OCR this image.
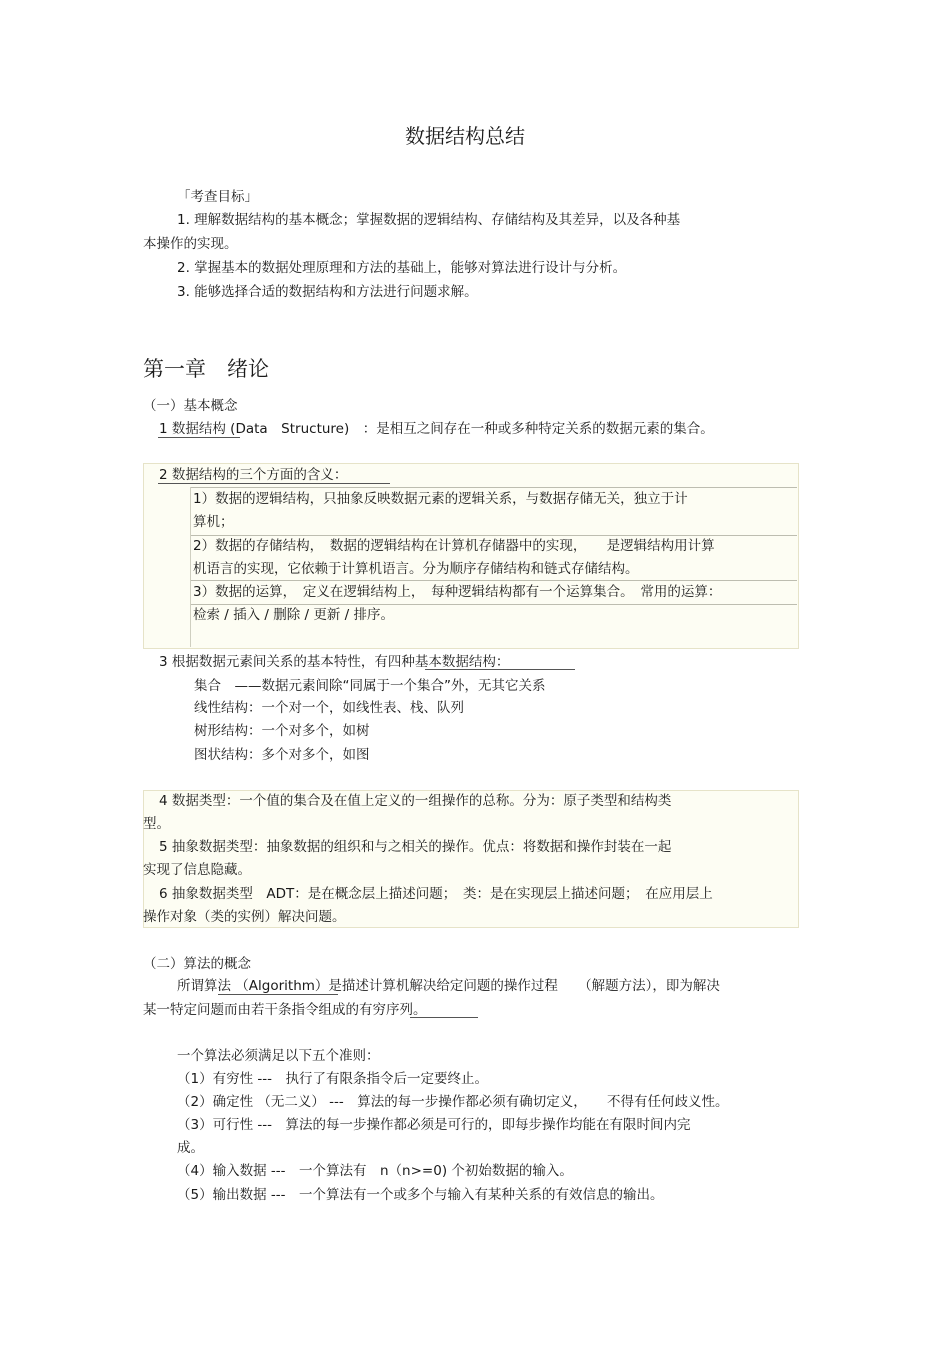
数据结构总结
「考查目标」
1. 理解数据结构的基本概念；掌握数据的逻辑结构、存储结构及其差异，以及各种基
本操作的实现。
2. 掌握基本的数据处理原理和方法的基础上，能够对算法进行设计与分析。
3. 能够选择合适的数据结构和方法进行问题求解。
第一章　绪论
（一）基本概念
1 数据结构 (Data　Structure)　：是相互之间存在一种或多种特定关系的数据元素的集合。
2 数据结构的三个方面的含义：
1）数据的逻辑结构，只抽象反映数据元素的逻辑关系，与数据存储无关，独立于计
算机；
2）数据的存储结构，　数据的逻辑结构在计算机存储器中的实现，　　是逻辑结构用计算
机语言的实现，它依赖于计算机语言。分为顺序存储结构和链式存储结构。
3）数据的运算，　定义在逻辑结构上，　每种逻辑结构都有一个运算集合。　常用的运算：
检索 / 插入 / 删除 / 更新 / 排序。
3 根据数据元素间关系的基本特性，有四种基本数据结构：
集合　——数据元素间除“同属于一个集合”外，无其它关系
线性结构：一个对一个，如线性表、栈、队列
树形结构：一个对多个，如树
图状结构：多个对多个，如图
4 数据类型：一个值的集合及在值上定义的一组操作的总称。分为：原子类型和结构类
型。
5 抽象数据类型：抽象数据的组织和与之相关的操作。优点：将数据和操作封装在一起
实现了信息隐藏。
6 抽象数据类型　ADT：是在概念层上描述问题；　类：是在实现层上描述问题；　在应用层上
操作对象（类的实例）解决问题。
（二）算法的概念
所谓算法 （Algorithm）是描述计算机解决给定问题的操作过程　　（解题方法），即为解决
某一特定问题而由若干条指令组成的有穷序列。
一个算法必须满足以下五个准则：
（1）有穷性 ---　执行了有限条指令后一定要终止。
（2）确定性 （无二义） ---　算法的每一步操作都必须有确切定义，　　不得有任何歧义性。
（3）可行性 ---　算法的每一步操作都必须是可行的，即每步操作均能在有限时间内完
成。
（4）输入数据 ---　一个算法有　n（n>=0) 个初始数据的输入。
（5）输出数据 ---　一个算法有一个或多个与输入有某种关系的有效信息的输出。
